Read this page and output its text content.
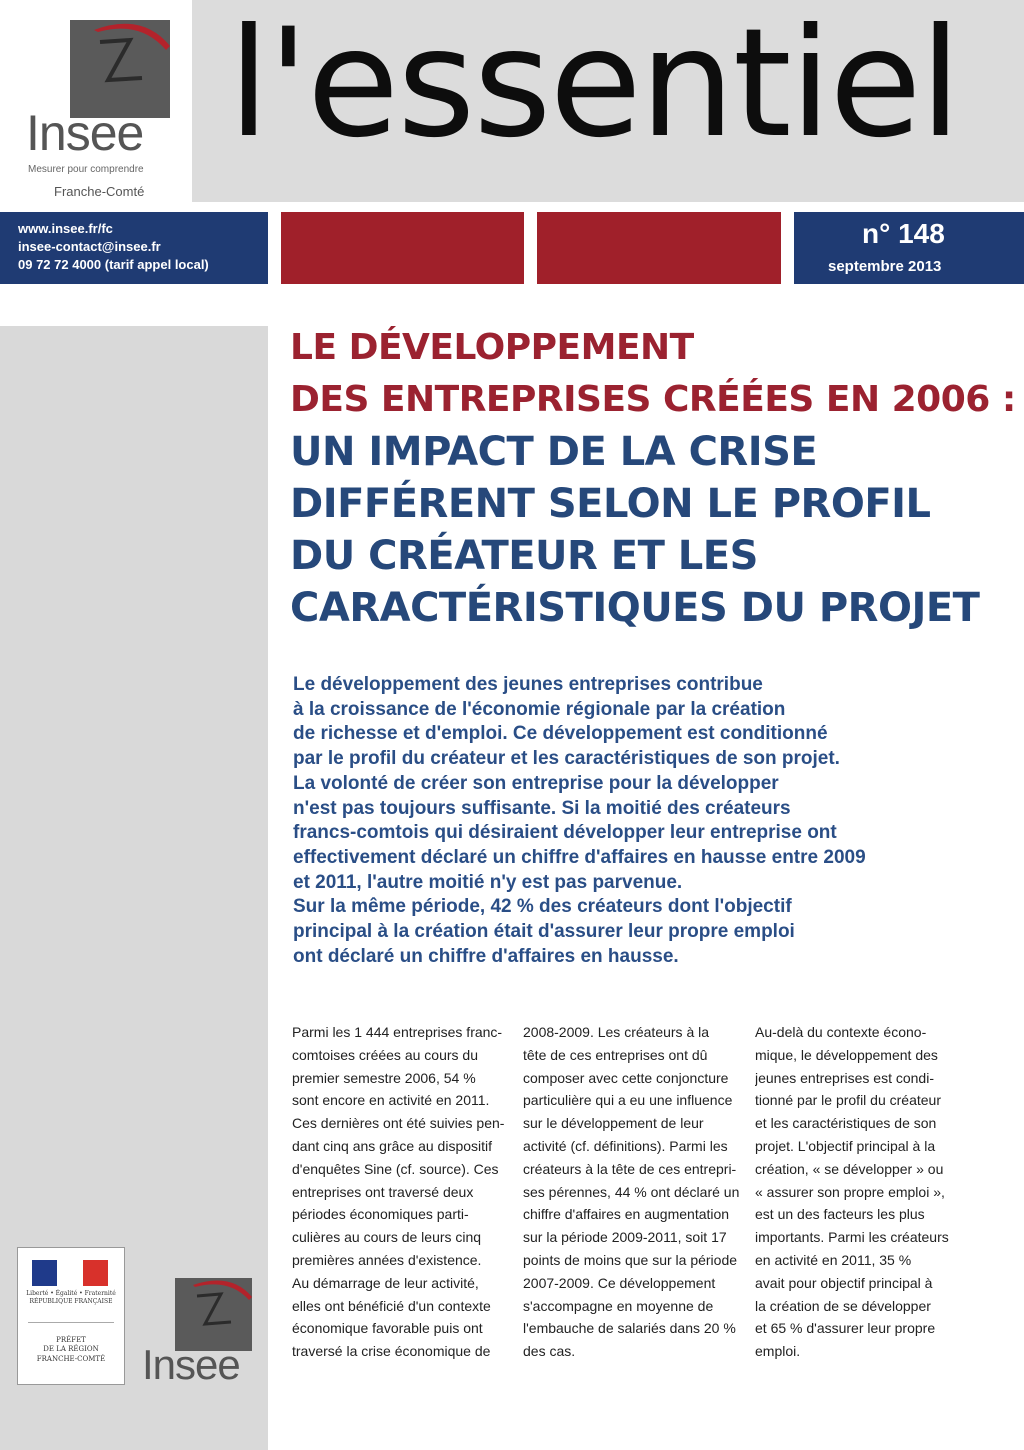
Insee
Mesurer pour comprendre
Franche-Comté
l'essentiel
www.insee.fr/fc
insee-contact@insee.fr
09 72 72 4000 (tarif appel local)
n° 148
septembre 2013
Liberté • Égalité • Fraternité
RÉPUBLIQUE FRANÇAISE
PRÉFET
DE LA RÉGION
FRANCHE-COMTÉ Insee
LE DÉVELOPPEMENT
DES ENTREPRISES CRÉÉES EN 2006 :
UN IMPACT DE LA CRISE
DIFFÉRENT SELON LE PROFIL
DU CRÉATEUR ET LES
CARACTÉRISTIQUES DU PROJET
Le développement des jeunes entreprises contribue
à la croissance de l'économie régionale par la création
de richesse et d'emploi. Ce développement est conditionné
par le profil du créateur et les caractéristiques de son projet.
La volonté de créer son entreprise pour la développer
n'est pas toujours suffisante. Si la moitié des créateurs
francs-comtois qui désiraient développer leur entreprise ont
effectivement déclaré un chiffre d'affaires en hausse entre 2009
et 2011, l'autre moitié n'y est pas parvenue.
Sur la même période, 42 % des créateurs dont l'objectif
principal à la création était d'assurer leur propre emploi
ont déclaré un chiffre d'affaires en hausse.
Parmi les 1 444 entreprises franc-
comtoises créées au cours du
premier semestre 2006, 54 %
sont encore en activité en 2011.
Ces dernières ont été suivies pen-
dant cinq ans grâce au dispositif
d'enquêtes Sine (cf. source). Ces
entreprises ont traversé deux
périodes économiques parti-
culières au cours de leurs cinq
premières années d'existence.
Au démarrage de leur activité,
elles ont bénéficié d'un contexte
économique favorable puis ont
traversé la crise économique de
2008-2009. Les créateurs à la
tête de ces entreprises ont dû
composer avec cette conjoncture
particulière qui a eu une influence
sur le développement de leur
activité (cf. définitions). Parmi les
créateurs à la tête de ces entrepri-
ses pérennes, 44 % ont déclaré un
chiffre d'affaires en augmentation
sur la période 2009-2011, soit 17
points de moins que sur la période
2007-2009. Ce développement
s'accompagne en moyenne de
l'embauche de salariés dans 20 %
des cas.
Au-delà du contexte écono-
mique, le développement des
jeunes entreprises est condi-
tionné par le profil du créateur
et les caractéristiques de son
projet. L'objectif principal à la
création, « se développer » ou
« assurer son propre emploi »,
est un des facteurs les plus
importants. Parmi les créateurs
en activité en 2011, 35 %
avait pour objectif principal à
la création de se développer
et 65 % d'assurer leur propre
emploi.
